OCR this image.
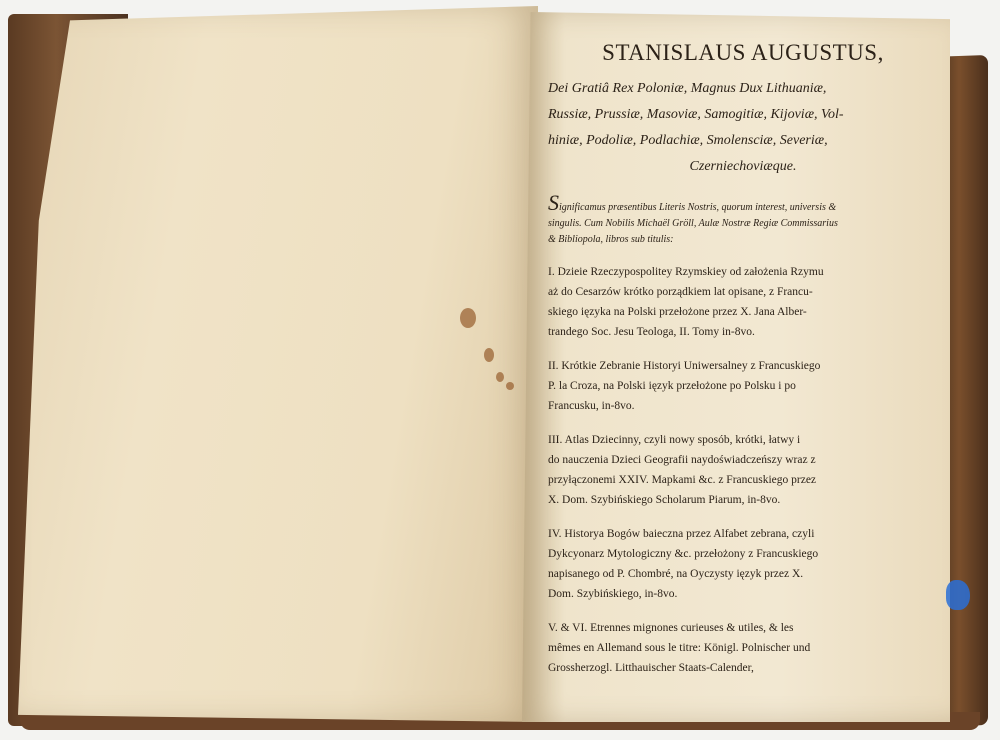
STANISLAUS AUGUSTUS,
Dei Gratiâ Rex Poloniæ, Magnus Dux Lithuaniæ,
Russiæ, Prussiæ, Masoviæ, Samogitiæ, Kijoviæ, Vol-
hiniæ, Podoliæ, Podlachiæ, Smolensciæ, Severiæ,
Czerniechoviæque.
Significamus præsentibus Literis Nostris, quorum interest, universis &
singulis. Cum Nobilis Michaël Gröll, Aulæ Nostræ Regiæ Commissarius
& Bibliopola, libros sub titulis:
I. Dzieie Rzeczypospolitey Rzymskiey od założenia Rzymu
aż do Cesarzów krótko porządkiem lat opisane, z Francu-
skiego ięzyka na Polski przełożone przez X. Jana Alber-
trandego Soc. Jesu Teologa, II. Tomy in-8vo.
II. Krótkie Zebranie Historyi Uniwersalney z Francuskiego
P. la Croza, na Polski ięzyk przełożone po Polsku i po
Francusku, in-8vo.
III. Atlas Dziecinny, czyli nowy sposób, krótki, łatwy i
do nauczenia Dzieci Geografii naydoświadczeńszy wraz z
przyłączonemi XXIV. Mapkami &c. z Francuskiego przez
X. Dom. Szybińskiego Scholarum Piarum, in-8vo.
IV. Historya Bogów baieczna przez Alfabet zebrana, czyli
Dykcyonarz Mytologiczny &c. przełożony z Francuskiego
napisanego od P. Chombré, na Oyczysty ięzyk przez X.
Dom. Szybińskiego, in-8vo.
V. & VI. Etrennes mignones curieuses & utiles, & les
mêmes en Allemand sous le titre: Königl. Polnischer und
Grossherzogl. Litthauischer Staats-Calender,
